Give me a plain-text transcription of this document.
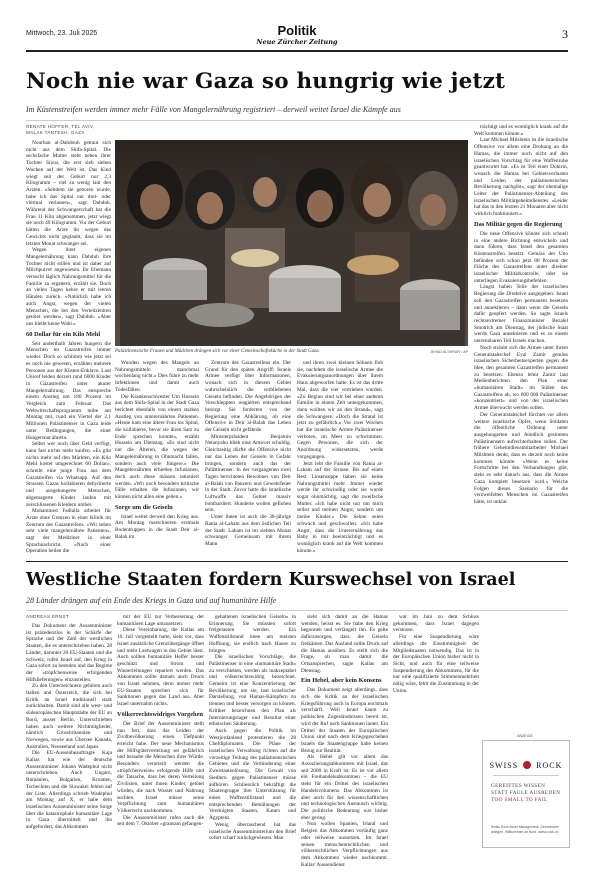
Mittwoch, 23. Juli 2025	Politik
Neue Zürcher Zeitung
3
Noch nie war Gaza so hungrig wie jetzt
Im Küstenstreifen werden immer mehr Fälle von Mangelernährung registriert – derweil weitet Israel die Kämpfe aus
RENATE HOFFER, TEL AVIV,
MALAK TANTESH, GAZA

Nourhan al-Dahdouh getraut sich nicht aus dem Shifa-Spital. Die sechsfache Mutter steht neben ihrer Tochter Siwar, die erst sieb sieben Wochen auf der Welt ist. Das Kind wiegt seit der Geburt nur 2,3 Kilogramm – viel zu wenig laut den Ärzten. «Seitdem sie geboren wurde, habe ich das Spital nur drei- oder viermal verlassen», sagt Dahduh. Während der Schwangerschaft hat die Frau 11 Kilo abgenommen, jetzt wiegt sie noch 49 Kilogramm. Vor der Geburt hätten die Ärzte ihr wegen des Gewichts nicht geglaubt, dass sie im letzten Monat schwanger sei.

Wegen ihrer eigenen Mangelernährung kann Dahduh ihre Tochter nicht stillen und ist daher auf Milchpulver angewiesen. Ihr Ehemann versucht täglich Nahrungsmittel für die Familie zu ergattern, erzählt sie. Doch an vielen Tagen kehre er mit leeren Händen zurück. «Natürlich habe ich auch Angst, wegen der vielen Menschen, die bei den Verteilzentren getötet werden», sagt Dahduh. «Aber uns bleibt keine Wahl.»

60 Dollar für ein Kilo Mehl

Seit anderthalb Jahren hungern die Menschen im Gazastreifen immer wieder. Doch so schlimm wie jetzt sei es noch nie gewesen, erzählen mehrere Personen aus der Küsten-Enklave. Laut Unicef leiden derzeit rund 6000 Kinder in Gazastreifen unter akuter Mangelernährung. Das entspreche einem Anstieg um 180 Prozent im Vergleich zum Februar. Das Weltwirtschaftsprogramm teilte am Montag mit, rund ein Viertel der 2,1 Millionen Palästinenser in Gaza leide unter Bedingungen, die einer Hungersnot ähneln.

Selbst wer noch über Geld verfügt, kann fast nichts mehr kaufen. «Es gibt nichts mehr auf den Märkten, ein Kilo Mehl kostet umgerechnet 60 Dollar», schreibt eine junge Frau aus dem Gazastreifen via Whatsapp. Auf den Strassen Gazas kollabieren dehydrierte und ausgehungerte Menschen, abgemagerte Kinder laufen mit zerschlissenen Kleidern umher.

Mohammed Fadlalla arbeitet für Ärzte ohne Grenzen in einer Klinik im Zentrum des Gazastreifens. «Wir sehen sehr viele mangelernährte Patienten», sagt der Mediziner in einer Sprachnachricht. «Nach einer Operation heilen die

Palästinensische Frauen und Mädchen drängen sich vor einer Gemeinschaftsküche in der Stadt Gaza.	JEHAD ALSHRAFI / AP

Wunden wegen des Mangels an Nahrungsmitteln manchmal wochenlang nicht.» Dies führe zu mehr Infektionen und damit auch Todesfällen.

Die Krankenschwester Um Hussein aus dem Shifa-Spital in der Stadt Gaza berichtet ebenfalls von einem starken Anstieg von unterernährten Patienten. «Heute kam eine ältere Frau ins Spital, die kollabierte, bevor sie ihren Satz zu Ende sprechen konnte», erzählt Hussein am Dienstag. «Es sind nicht nur die Älteren, die wegen der Mangelernährung in Ohnmacht fallen, sondern auch viele Jüngere.» Die Mangelernährten erhielten Infusionen, doch auch diese müssen rationiert werden. «Wir noch besonders kritische Fälle erhalten die Infusionen, wir können nicht allen eine geben.»

Sorge um die Geiseln

Israel weitet derweil den Krieg aus. Am Montag marschierten erstmals Bodentruppen in die Stadt Deir al-Balah im

Zentrum des Gazastreifens ein. Der Grund für den späten Angriff: Israels Armee verfügt über Informationen, wonach sich in diesem Gebiet wahrscheinlich die verbliebenen Geiseln befinden. Die Angehörigen der Verschleppten reagierten entsprechend besorgt. Sie forderten von der Regierung eine Abklärung, ob eine Offensive in Deir al-Balah das Leben der Geiseln nicht gefährde.

Ministerpräsident Benjamin Netanyahu blieb eine Antwort schuldig. Gleichzeitig dürfte die Offensive nicht nur das Leben der Geiseln in Gefahr bringen, sondern auch das der Palästinenser. In der vergangenen zwei Tagen berichteten Bewohner von Deir al-Balah von Panzern und Gewehrfeuer in der Stadt. Zuvor hatte die israelische Luftwaffe das Gebiet massiv bombardiert. Hunderte wollen geflohen sein.

Unter ihnen ist auch die 38-jährige Rania al-Laham aus dem östlichen Teil der Stadt. Laham ist im siebten Monat schwanger. Gemeinsam mit ihrem Mann

und ihren zwei kleinen Söhnen floh sie, nachdem die israelische Armee die Evakuierungsanordnungen über ihrem Haus abgeworfen hatte. Es ist das dritte Mal, dass die vier vertrieben wurden. «Zu Beginn sind wir bei einer anderen Familie in einem Zelt untergekommen, dann wollten wir an den Strand», sagt die Schwangere. «Doch die Strand ist jetzt zu gefährlich.» Vor zwei Wochen hat die israelische Armee Palästinenser verboten, im Meer zu schwimmen. Gegen Personen, die sich der Anordnung widersetzten, werde vorgegangen.

Jetzt lebt die Familie von Rania al-Laham auf der Strasse. Bis auf einen Rest Linsensuppe haben sie keine Nahrungsmittel mehr. Immer wieder werde ihr schwindlig oder sie wurde sogar ohnmächtig, sagt die zweifache Mutter. «Ich habe nicht nur um mich selbst und meinen Angst, sondern um meine Kinder.» Die Sehne seien schwach und geschwollen. «Ich habe Angst, dass die Unterernährung das Baby in mir beeinträchtigt und es womöglich krank auf die Welt kommen könnte.»

trächtigt und es womöglich krank auf die Welt kommen könnte.»

Laut Michael Milshtein ist die israelische Offensive vor allem eine Drohung an die Hamas, die immer noch nicht auf den israelischen Vorschlag für eine Waffenruhe geantwortet hat. «Es ist Teil einer Doktrin, wonach die Hamas bei Gebietsverlusten und Leiden der palästinensischen Bevölkerung nachgibt», sagt der ehemalige Leiter der Palästinenser-Abteilung des israelischen Militärgeheimdienstes. «Leider hat das in den letzten 21 Monaten aber nicht wirklich funktioniert.»

Das Militär gegen die Regierung

Die neue Offensive könnte sich schnell in eine andere Richtung entwickeln und dann führen, dass Israel den gesamten Küstenstreifen besetzt. Gemäss der Uno befänden sich schon jetzt 88 Prozent der Fläche des Gazastreifens unter direkter israelischer Militärkontrolle, oder sie unterliegen Evakuierungsbefehlen.

Längst haben Teile der israelischen Regierung die Direktive ausgegeben: Israel soll den Gazastreifen permanent besetzen und annektieren – dann wenn die Geiseln dafür geopfert werden. So sagte Israels rechtsextremer Finanzminister Bezalel Smotrich am Dienstag, der jüdische Staat werde Gaza annektieren und es zu einem untrennbaren Teil Israels machen.

Noch sträubt sich die Armee unter ihrem Generalstabschef Eyal Zamir gemäss israelischen Sicherheitsexperten gegen die Idee, den gesamten Gazastreifen permanent zu besetzen. Ebenso lehnt Zamir laut Medienberichten den Plan einer «humanitären Stadt» im Süden des Gazastreifens ab, wo 600 000 Palästinenser «konzentriert» und von der israelischen Armee überwacht werden sollen.

Der Generalstabschef fürchtet vor allem weitere israelische Opfer, wenn Soldaten die öffentliche Ordnung unter ausgehungerten und feindlich gesinnten Palästinensern aufrechterhalten sollen. Der frühere Geheimdienstmitarbeiter Michael Milshtein denkt, dass es derzeit noch keine kommen könnte: «Wenn es keine Fortschritte bei den Verhandlungen gibt, sieht es sehr danach aus, dass die Armee Gaza komplett besetzen wird.» Welche Folgen dieses Szenario für die verzweifelten Menschen im Gazastreifen hätte, ist unklar.

Westliche Staaten fordern Kurswechsel von Israel
28 Länder drängen auf ein Ende des Kriegs in Gaza und auf humanitäre Hilfe
ANDREAS ERNST

Das Dokument der Aussenminister ist präzedenzlos in der Schärfe der Sprache und der Zahl der westlichen Staaten, die es unterschrieben haben. 28 Länder, darunter 20 EU-Staaten und die Schweiz, rufen Israel auf, den Krieg in Gaza sofort zu beenden und das Regime der «tröpfchenweise erfolgenden Hilfslieferungen» einzustellen.

Zu den Unterzeichnern gehören auch Italien und Österreich, die sich bei Kritik an Israel traditionell stark zurückhalten. Damit sind alle west- und südeuropäischen Hauptstädte der EU an Bord, ausser Berlin. Unterschrieben haben auch weitere Nichtmitglieder, nämlich Grossbritannien und Norwegen, sowie aus Übersee Kanada, Australien, Neuseeland und Japan.

Die EU-Aussenbeauftragte Kaja Kallas hat wie der deutsche Aussenminister Johann Wadephul nicht unterschrieben. Auch Ungarn, Rumänien, Bulgarien, Kroatien, Tschechien und die Slowakei fehlen auf der Liste. Allerdings schrieb Wadephul am Montag auf X, er habe dem israelischen Aussenminister seine Sorge über die katastrophale humanitäre Lage in Gaza übermittelt und ihn aufgefordert, das Abkommen

mit der EU zur Verbesserung der humanitären Lage umzusetzen.

Diese Vereinbarung, die Kallas am 10. Juli vorgestellt hatte, sieht vor, dass Israel zusätzliche Grenzübergänge öffnet und mehr Lastwagen in das Gebiet lässt. Auch sollten humanitäre Helfer besser geschützt und Strom und Wasserleitungen repariert werden. Das Abkommen sollte damals auch Druck von Israel nehmen, denn immer mehr EU-Staaten sprechen sich für Sanktionen gegen das Land aus. Aber Israel unternahm nichts.

Völkerrechtswidriges Vorgehen

Der Brief der Aussenminister stellt nun fest, dass das Leiden der Zivilbevölkerung einen Tiefpunkt erreicht habe. Der neue Mechanismus der Hilfsgüterverteilung sei gefährlich und beraube die Menschen ihrer Würde. Besonders verurteilt werden die «tröpfchenweise» erfolgende Hilfe und die Tatsache, dass bei deren Verteilung Zivilisten, unter ihnen Kinder, getötet würden, die nach Wasser und Nahrung suchten. Israel müsse seine Verpflichtung zum humanitären Völkerrecht nachkommen.

Die Aussenminister rufen auch die seit dem 7. Oktober «grausam gefangen-

gehaltenen israelischen Geiseln» in Erinnerung. Sie müssten sofort freigelassen werden. Ein Waffenstillstand biete am meisten Hoffnung, sie endlich nach Hause zu bringen.

Die israelischen Vorschläge, die Palästinenser in eine «humanitäre Stadt» zu verschieben, werden als inakzeptabel und völkerrechtswidrig bezeichnet. Gemeint ist eine Konzentrierung der Bevölkerung, um sie, laut israelischer Darstellung, von Hamas-Kämpfern zu trennen und besser versorgen zu können. Kritiker bezeichnen den Plan als Internierungslager und Resultat einer ethnischen Säuberung.

Auch gegen die Politik im Westjordanland protestieren die 28 Chefdiplomaten. Die Pläne der israelischen Verwaltung richten auf die vorzeitige Teilung des palästinensischen Gebietes und die Verhinderung einer Zweistaatenlösung. Die Gewalt von Siedlern gegen Palästinenser müsse aufhören. Schliesslich bekräftigt die Staatengruppe ihre Unterstützung für einen Waffenstillstand und die entsprechenden Bemühungen der Vereinigten Staaten, Katars und Ägyptens.

Wenig überraschend hat das israelische Aussenministerium den Brief sofort scharf zurückgewiesen. Man

sieht sich damit an die Hamas wenden, heisst es. Sie habe den Krieg begonnen und verlängert ihn. Es gelte dafürzusorgen, dass die Geiseln freikämen. Das Ausland sollte Druck auf die Hamas ausüben. Es stellt sich die Frage, ob man damit die Ortsansprechen, sagte Kallas am Dienstag.

Ein Hebel, aber kein Konsens

Das Dokument zeigt allerdings, dass sich die Kritik an der israelischen Kriegsführung auch in Europa nochmals verschärft. Weil Israel kaum zu politischen Zugeständnissen bereit ist, wird der Ruf nach Sanktionen lauter. Ein Drittel der Staaten der Europäischen Union sind nach dem Kriegsgeschehen Israels die Staatengruppe habe keinen Bezug zur Realität.

Als Hebel gilt vor allem das Assoziierungsabkommen mit Israel, das seit 2000 in Kraft ist. Es ist vor allem ein Freihandelsabkommen – die EU steht für ein Drittel des israelischen Handelsvolumens. Das Abkommen ist aber auch für den wissenschaftlichen und technologischen Austausch wichtig. Die politische Bedeutung war bisher eher gering.

Nun wollen Spanien, Irland und Belgien das Abkommen vorläufig ganz oder teilweise aussetzen. Im Israel seinen menschenrechtlichen und völkerrechtlichen Verpflichtungen aus dem Abkommen wieder nachkommt. Kallas' Aussendienst

war im Juni zu dem Schluss gekommen, dass Israel dagegen verstosse.

Für eine Suspendierung wäre allerdings die Einstimmigkeit der Mitgliedstaaten notwendig. Das ist in der Europäischen Union bisher nicht in Sicht, und auch für eine teilweise Suspendierung des Abkommens, für die nur eine qualifizierte Stimmenmehrheit nötig wäre, fehlt die Zustimmung in der Union.

ANZEIGE
SWISS ROCK
GEREIFTES WISSEN
STATT FAULE AUSREDEN
TOO SMALL TO FAIL
Swiss Rock Asset Management. Gemeinsam anlegen. Willkommen an Bord. swiss-rock.ch
